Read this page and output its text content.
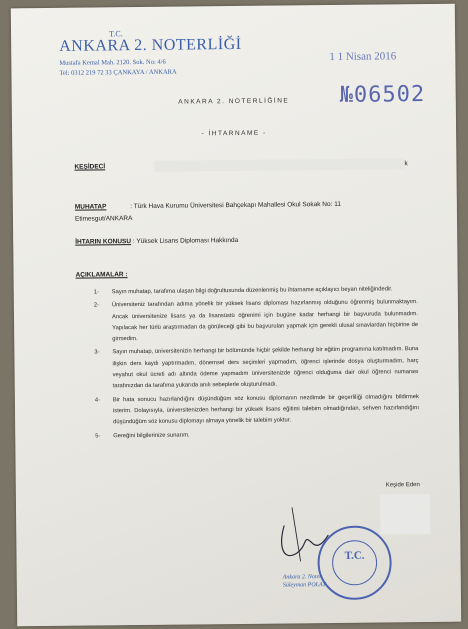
T.C.
ANKARA 2. NOTERLİĞİ
Mustafa Kemal Mah. 2120. Sok. No: 4/6
Tel: 0312 219 72 33 ÇANKAYA / ANKARA
1 1 Nisan 2016
№06502
ANKARA 2. NOTERLİĞİNE
- İHTARNAME -
KEŞİDECİ	k
MUHATAP	: Türk Hava Kurumu Üniversitesi Bahçekapı Mahallesi Okul Sokak No: 11
Etimesgut/ANKARA
İHTARIN KONUSU : Yüksek Lisans Diploması Hakkında
AÇIKLAMALAR :
1- Sayın muhatap, tarafıma ulaşan bilgi doğrultusunda düzenlenmiş bu ihtarname açıklayıcı beyan niteliğindedir.
2- Üniversiteniz tarafından adıma yönelik bir yüksek lisans diploması hazırlanmış olduğunu öğrenmiş bulunmaktayım. Ancak üniversitenize lisans ya da lisansüstü öğrenimi için bugüne kadar herhangi bir başvuruda bulunmadım. Yapılacak her türlü araştırmadan da görüleceği gibi bu başvuruları yapmak için gerekli ulusal sınavlardan hiçbirine de girmedim.
3- Sayın muhatap, üniversitenizin herhangi bir bölümünde hiçbir şekilde herhangi bir eğitim programına katılmadım. Buna ilişkin ders kaydı yaptırmadım, dönemsel ders seçimleri yapmadım, öğrenci işlerinde dosya oluşturmadım, harç veyahut okul ücreti adı altında ödeme yapmadım üniversitenizde öğrenci olduğuma dair okul öğrenci numarası tarafınızdan da tarafıma yukarıda anılı sebeplerle oluşturulmadı.
4- Bir hata sonucu hazırlandığını düşündüğüm söz konusu diplomanın nezdimde bir geçerliliği olmadığını bildirmek isterim. Dolayısıyla, üniversitenizden herhangi bir yüksek lisans eğitimi talebim olmadığından, sehven hazırlandığını düşündüğüm söz konusu diplomayı almaya yönelik bir talebim yoktur.
5- Gereğini bilgilerinize sunarım.
Keşide Eden
T.C.
Ankara 2. Noter
Süleyman POLAT
